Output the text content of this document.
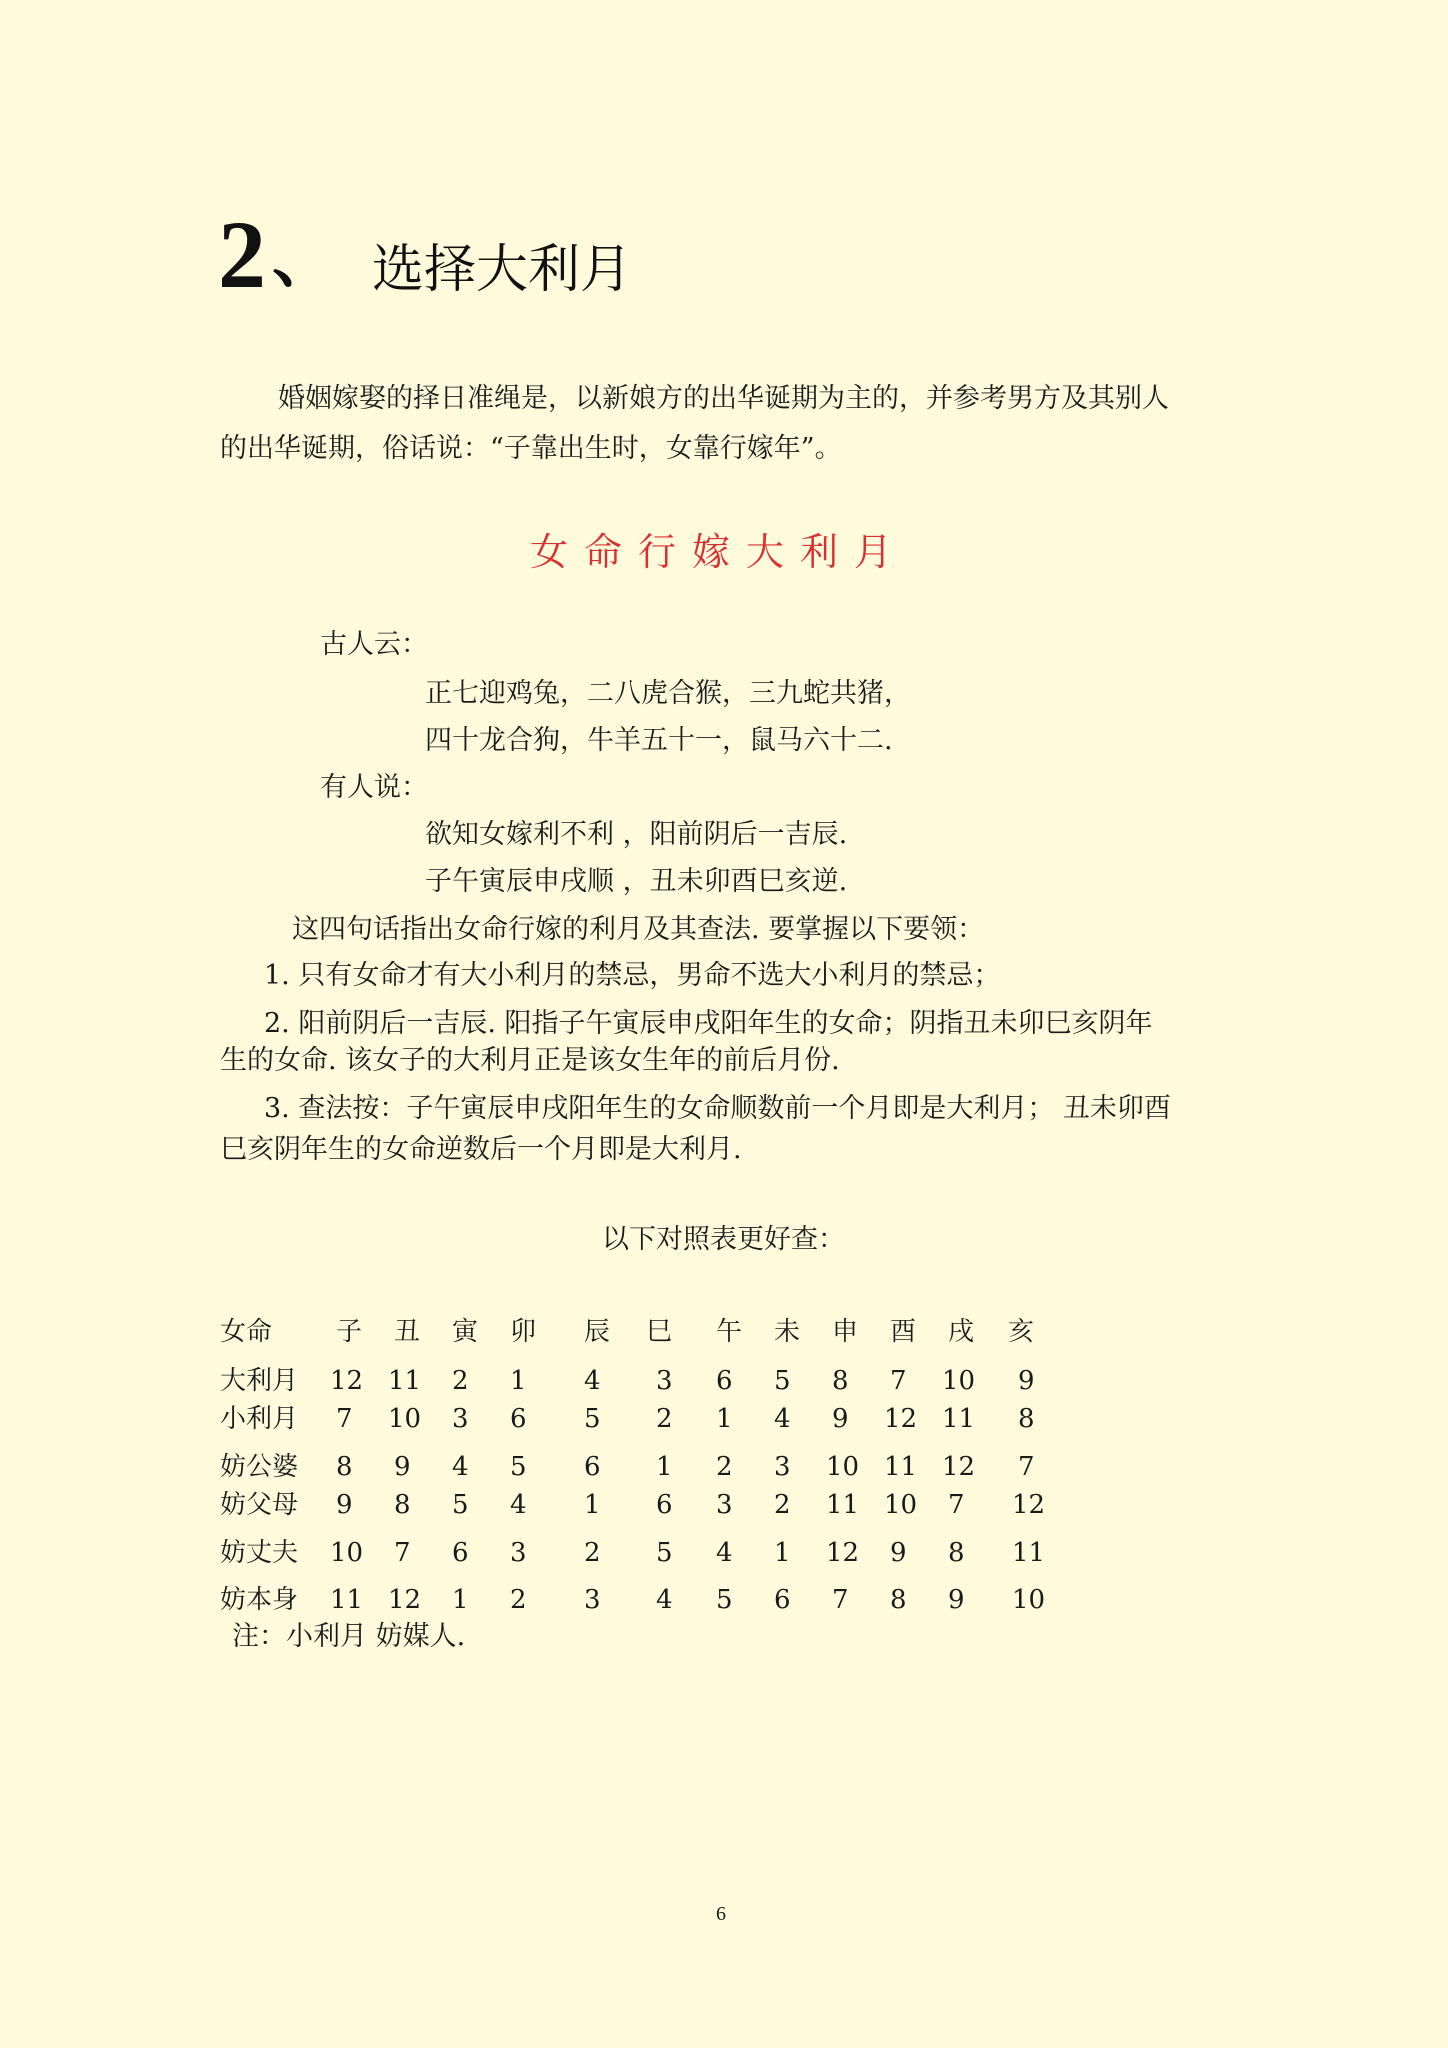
2 、 选择大利月
婚姻嫁娶的择日准绳是，以新娘方的出华诞期为主的，并参考男方及其别人
的出华诞期，俗话说：“子靠出生时，女靠行嫁年”。
女命行嫁大利月
古人云：
正七迎鸡兔，二八虎合猴，三九蛇共猪，
四十龙合狗，牛羊五十一，鼠马六十二.
有人说：
欲知女嫁利不利 ，阳前阴后一吉辰.
子午寅辰申戌顺 ，丑未卯酉巳亥逆.
这四句话指出女命行嫁的利月及其查法. 要掌握以下要领：
1. 只有女命才有大小利月的禁忌，男命不选大小利月的禁忌；
2. 阳前阴后一吉辰. 阳指子午寅辰申戌阳年生的女命；阴指丑未卯巳亥阴年
生的女命. 该女子的大利月正是该女生年的前后月份.
3. 查法按：子午寅辰申戌阳年生的女命顺数前一个月即是大利月； 丑未卯酉
巳亥阴年生的女命逆数后一个月即是大利月.
以下对照表更好查：
女命 子 丑 寅 卯 辰 巳 午 未 申 酉 戌 亥
大利月 12 11 2 1 4 3 6 5 8 7 10 9
小利月 7 10 3 6 5 2 1 4 9 12 11 8
妨公婆 8 9 4 5 6 1 2 3 10 11 12 7
妨父母 9 8 5 4 1 6 3 2 11 10 7 12
妨丈夫 10 7 6 3 2 5 4 1 12 9 8 11
妨本身 11 12 1 2 3 4 5 6 7 8 9 10
注：小利月 妨媒人.
6
